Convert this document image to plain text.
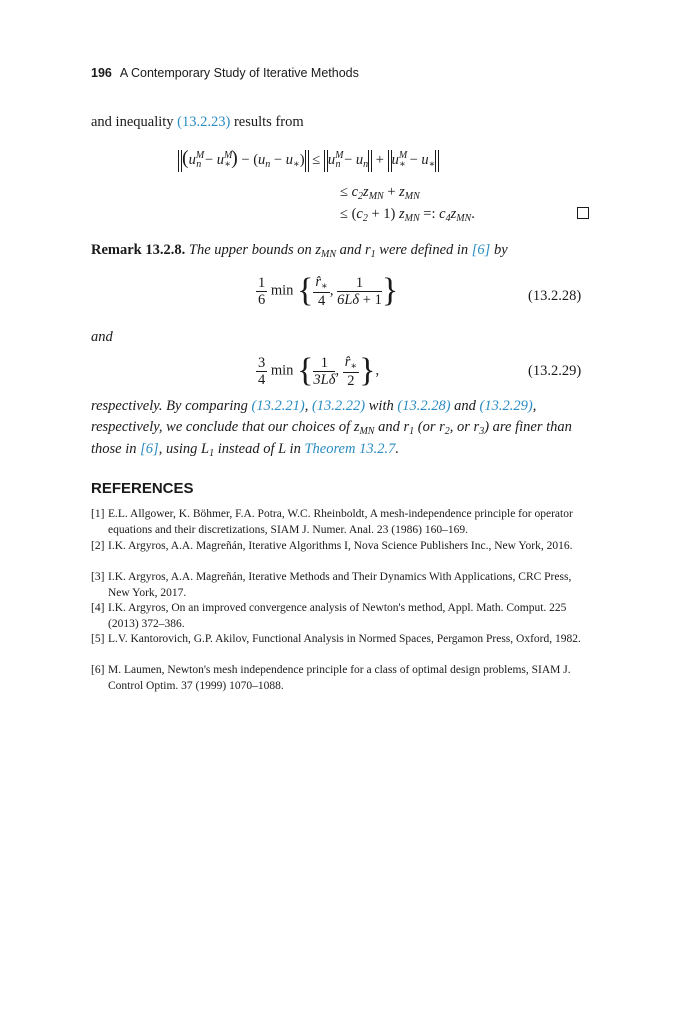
196 A Contemporary Study of Iterative Methods
and inequality (13.2.23) results from
$(u^M_n - u^M_∗) - (u_n - u_∗) \le u^M_n - u_n + u^M_∗ - u_∗$
≤ $c_2z_{MN} + z_{MN}$
≤ $(c_2 + 1)$ $z_{MN}$ =: $c_4z_{MN}$.
Remark 13.2.8. The upper bounds on $z_{MN}$ and $r_1$ were defined in [6] by
$\frac{1}{6}$ min { $\frac{r̂_∗}{4}$ , $\frac{1}{6L\delta + 1}$ }	(13.2.28)
and
$\frac{3}{4}$ min { $\frac{1}{3L\delta}$ , $\frac{r̂_∗}{2}$ },	(13.2.29)
respectively. By comparing (13.2.21), (13.2.22) with (13.2.28) and (13.2.29), respectively, we conclude that our choices of $z_{MN}$ and $r_1$ (or $r_2$, or $r_3$) are finer than those in [6], using $L_1$ instead of L in Theorem 13.2.7.
REFERENCES
[1] E.L. Allgower, K. Böhmer, F.A. Potra, W.C. Rheinboldt, A mesh-independence principle for operator equations and their discretizations, SIAM J. Numer. Anal. 23 (1986) 160–169.
[2] I.K. Argyros, A.A. Magreñán, Iterative Algorithms I, Nova Science Publishers Inc., New York, 2016.
[3] I.K. Argyros, A.A. Magreñán, Iterative Methods and Their Dynamics With Applications, CRC Press, New York, 2017.
[4] I.K. Argyros, On an improved convergence analysis of Newton's method, Appl. Math. Comput. 225 (2013) 372–386.
[5] L.V. Kantorovich, G.P. Akilov, Functional Analysis in Normed Spaces, Pergamon Press, Oxford, 1982.
[6] M. Laumen, Newton's mesh independence principle for a class of optimal design problems, SIAM J. Control Optim. 37 (1999) 1070–1088.
